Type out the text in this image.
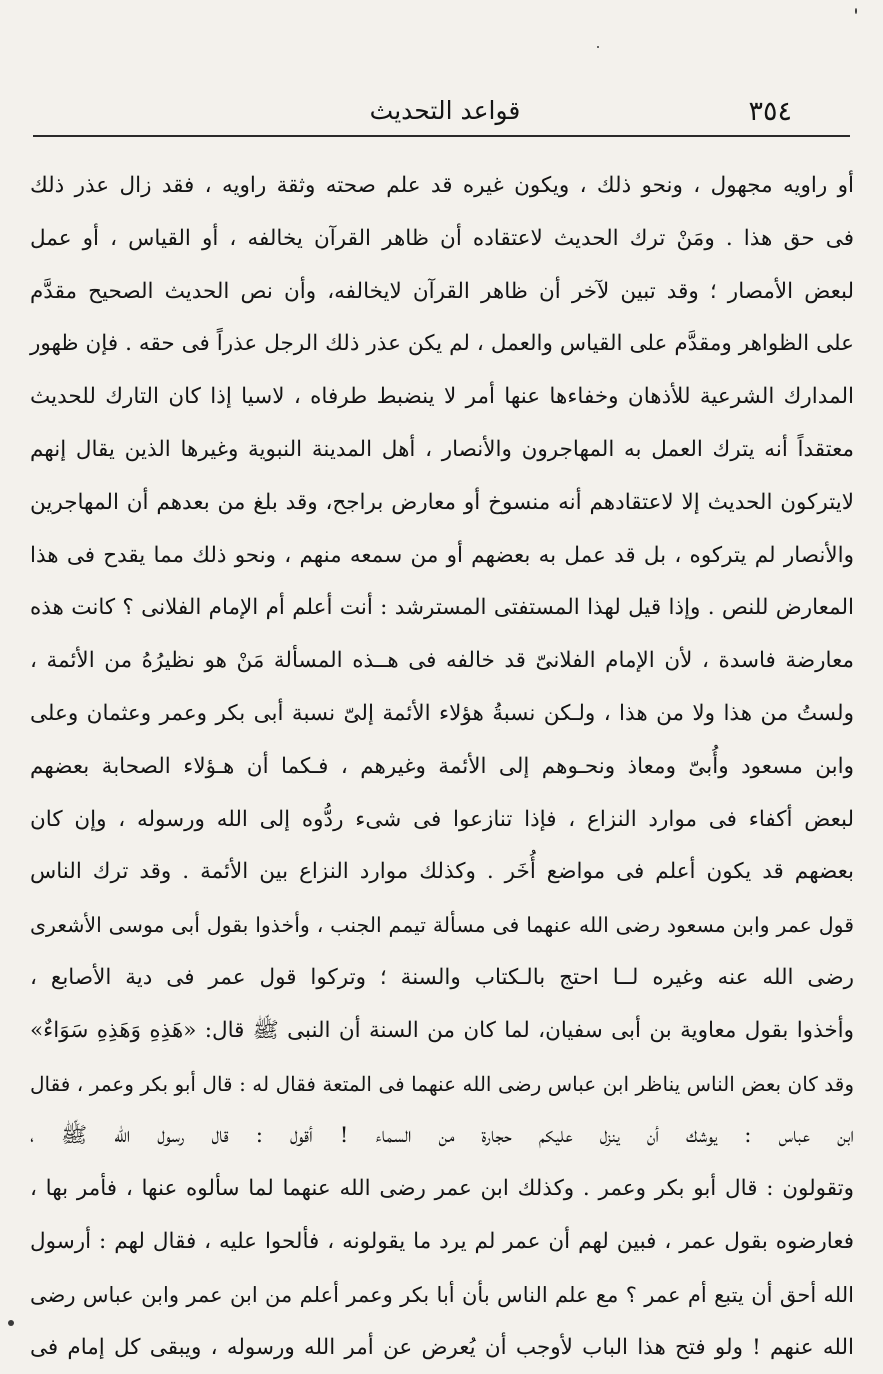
٣٥٤
قواعد التحديث
أو راويه مجهول ، ونحو ذلك ، ويكون غيره قد علم صحته وثقة راويه ، فقد زال عذر ذلك
فى حق هذا . ومَنْ ترك الحديث لاعتقاده أن ظاهر القرآن يخالفه ، أو القياس ، أو عمل
لبعض الأمصار ؛ وقد تبين لآخر أن ظاهر القرآن لايخالفه، وأن نص الحديث الصحيح مقدَّم
على الظواهر ومقدَّم على القياس والعمل ، لم يكن عذر ذلك الرجل عذراً فى حقه . فإن ظهور
المدارك الشرعية للأذهان وخفاءها عنها أمر لا ينضبط طرفاه ، لاسيا إذا كان التارك للحديث
معتقداً أنه يترك العمل به المهاجرون والأنصار ، أهل المدينة النبوية وغيرها الذين يقال إنهم
لايتركون الحديث إلا لاعتقادهم أنه منسوخ أو معارض براجح، وقد بلغ من بعدهم أن المهاجرين
والأنصار لم يتركوه ، بل قد عمل به بعضهم أو من سمعه منهم ، ونحو ذلك مما يقدح فى هذا
المعارض للنص . وإذا قيل لهذا المستفتى المسترشد : أنت أعلم أم الإمام الفلانى ؟ كانت هذه
معارضة فاسدة ، لأن الإمام الفلانىّ قد خالفه فى هــذه المسألة مَنْ هو نظيرُهُ من الأئمة ،
ولستُ من هذا ولا من هذا ، ولـكن نسبةُ هؤلاء الأئمة إلىّ نسبة أبى بكر وعمر وعثمان وعلى
وابن مسعود وأُبىّ ومعاذ ونحـوهم إلى الأئمة وغيرهم ، فـكما أن هـؤلاء الصحابة بعضهم
لبعض أكفاء فى موارد النزاع ، فإذا تنازعوا فى شىء ردُّوه إلى الله ورسوله ، وإن كان
بعضهم قد يكون أعلم فى مواضع أُخَر . وكذلك موارد النزاع بين الأئمة . وقد ترك الناس
قول عمر وابن مسعود رضى الله عنهما فى مسألة تيمم الجنب ، وأخذوا بقول أبى موسى الأشعرى
رضى الله عنه وغيره لــا احتج بالـكتاب والسنة ؛ وتركوا قول عمر فى دية الأصابع ،
وأخذوا بقول معاوية بن أبى سفيان، لما كان من السنة أن النبى ﷺ قال: «هَذِهِ وَهَذِهِ سَوَاءٌ»
وقد كان بعض الناس يناظر ابن عباس رضى الله عنهما فى المتعة فقال له : قال أبو بكر وعمر ، فقال
ابن عباس : يوشك أن ينزل عليكم حجارة من السماء ! أقول : قال رسول الله ﷺ ،
وتقولون : قال أبو بكر وعمر . وكذلك ابن عمر رضى الله عنهما لما سألوه عنها ، فأمر بها ،
فعارضوه بقول عمر ، فبين لهم أن عمر لم يرد ما يقولونه ، فألحوا عليه ، فقال لهم : أرسول
الله أحق أن يتبع أم عمر ؟ مع علم الناس بأن أبا بكر وعمر أعلم من ابن عمر وابن عباس رضى
الله عنهم ! ولو فتح هذا الباب لأوجب أن يُعرض عن أمر الله ورسوله ، ويبقى كل إمام فى
